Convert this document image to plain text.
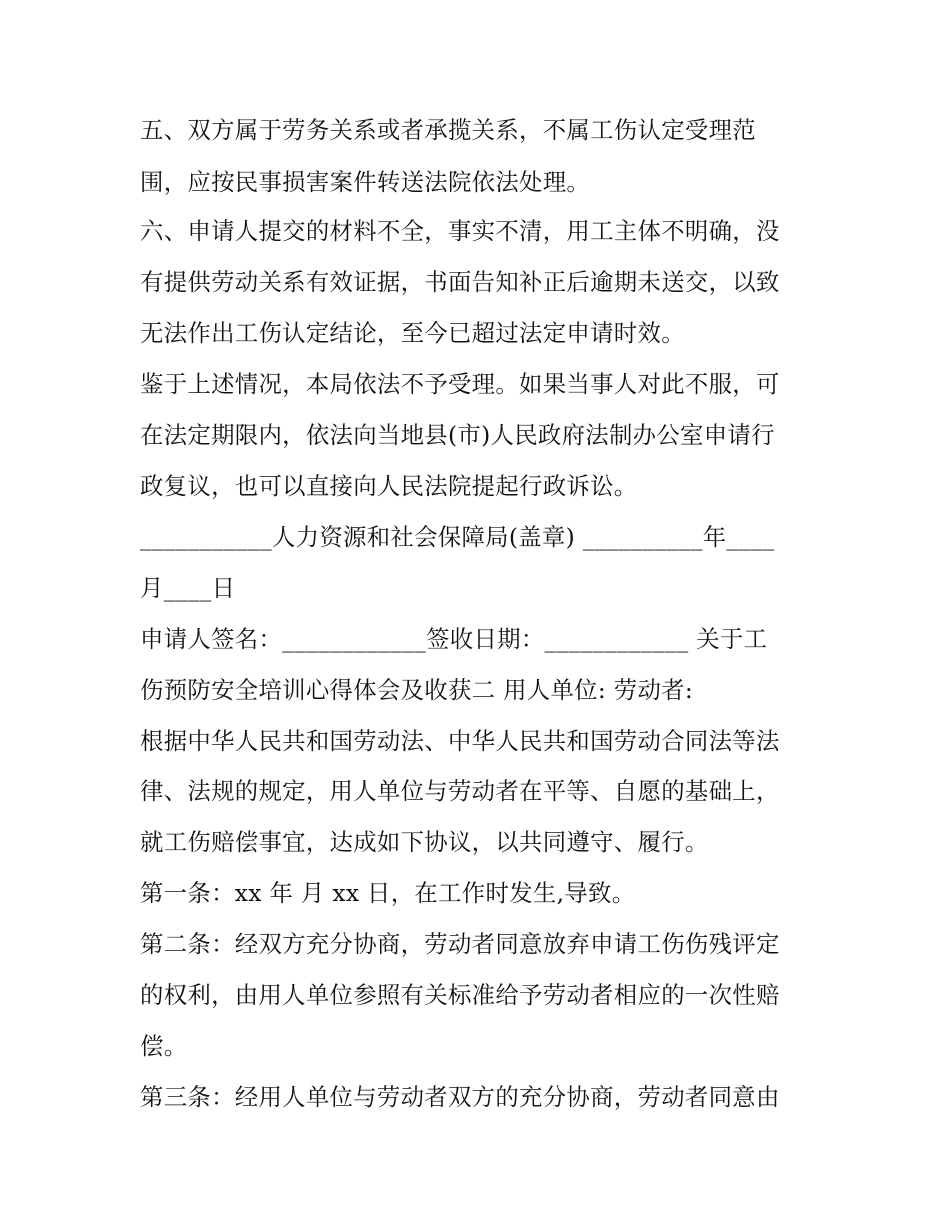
五、双方属于劳务关系或者承揽关系，不属工伤认定受理范
围，应按民事损害案件转送法院依法处理。
六、申请人提交的材料不全，事实不清，用工主体不明确，没
有提供劳动关系有效证据，书面告知补正后逾期未送交，以致
无法作出工伤认定结论，至今已超过法定申请时效。
鉴于上述情况，本局依法不予受理。如果当事人对此不服，可
在法定期限内，依法向当地县(市)人民政府法制办公室申请行
政复议，也可以直接向人民法院提起行政诉讼。
___________人力资源和社会保障局(盖章) __________年____
月____日
申请人签名：____________签收日期：____________ 关于工
伤预防安全培训心得体会及收获二 用人单位: 劳动者:
根据中华人民共和国劳动法、中华人民共和国劳动合同法等法
律、法规的规定，用人单位与劳动者在平等、自愿的基础上，
就工伤赔偿事宜，达成如下协议，以共同遵守、履行。
第一条：xx 年 月 xx 日，在工作时发生,导致。
第二条：经双方充分协商，劳动者同意放弃申请工伤伤残评定
的权利，由用人单位参照有关标准给予劳动者相应的一次性赔
偿。
第三条：经用人单位与劳动者双方的充分协商，劳动者同意由
